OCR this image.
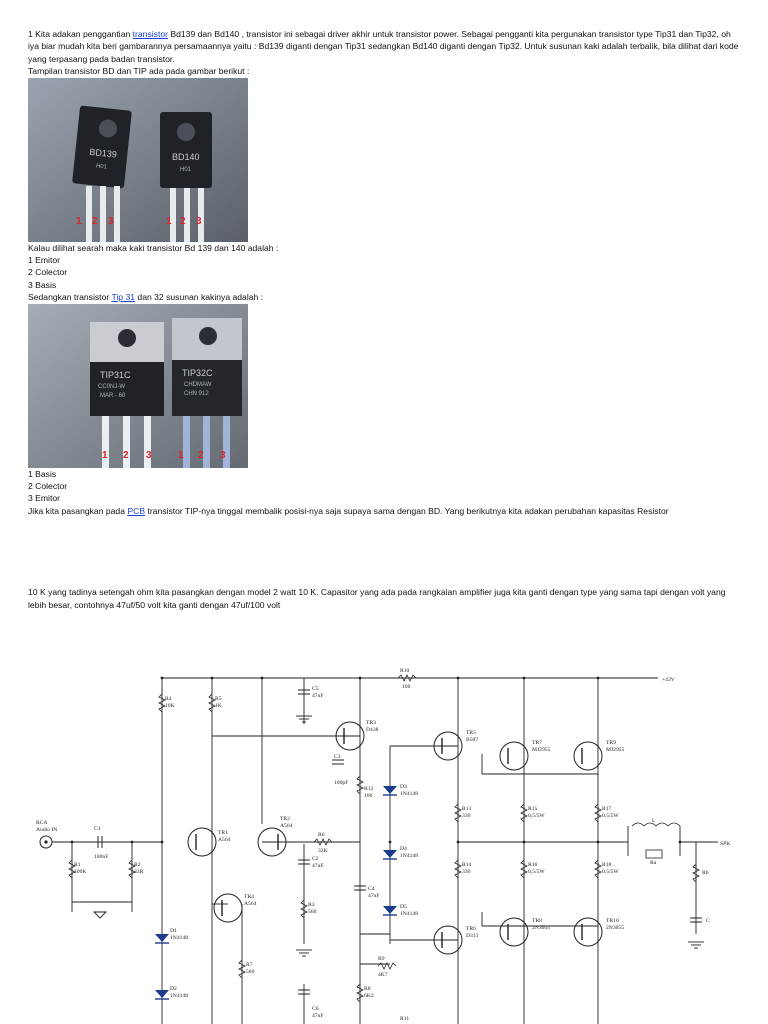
1 Kita adakan penggantian transistor Bd139 dan Bd140 , transistor ini sebagai driver akhir untuk transistor power. Sebagai pengganti kita pergunakan transistor type Tip31 dan Tip32, oh iya biar mudah kita beri gambarannya persamaannya yaitu : Bd139 diganti dengan Tip31 sedangkan Bd140 diganti dengan Tip32. Untuk susunan kaki adalah terbalik, bila dilihat dari kode yang terpasang pada badan transistor.

Tampilan transistor BD dan TIP ada pada gambar berikut :

BD139
H01
BD140
H01
1 2 3	1 2 3

Kalau dilihat searah maka kaki transistor Bd 139 dan 140 adalah :

1 Emitor

2 Colector

3 Basis

Sedangkan transistor Tip 31 dan 32 susunan kakinya adalah :

TIP31C
CC0NJ-W
MAR - 60
TIP32C
CHDMAW
CHN 912
1 2 3	1 2 3

1 Basis

2 Colector

3 Emitor

Jika kita pasangkan pada PCB transistor TIP-nya tinggal membalik posisi-nya saja supaya sama dengan BD. Yang berikutnya kita adakan perubahan kapasitas Resistor

10 K yang tadinya setengah ohm kita pasangkan dengan model 2 watt 10 K. Capasitor yang ada pada rangkaian amplifier juga kita ganti dengan type yang sama tapi dengan volt yang lebih besar, contohnya 47uf/50 volt kita ganti dengan 47uf/100 volt

+43V
SPK
RCA
Audio IN	C1
100nF
R1
100K
R2
33R
R4
10K
R5
1K
C5
47uF
R10
100
TR1
A564
TR2
A564
TR3
D438
C3
100pF
R12
100
D3
1N4148
TR5
B507	TR7
MJ2955
TR9
MJ2955
R13
330
R15
0,5/5W
R17
0,5/5W
L
Ra
Rb
C
R6
33K
C2
47uF
D4
1N4148
R14
330
R16
0,5/5W
R18
0,5/5W
TR4
A564	R3
560
C4
47uF
D5
1N4148
D1
1N4148
TR6
D313
TR8
2N3055
TR10
2N3055
R7
560
R9
4K7
D2
1N4148
R8
6K2
C6
47uF	R11
